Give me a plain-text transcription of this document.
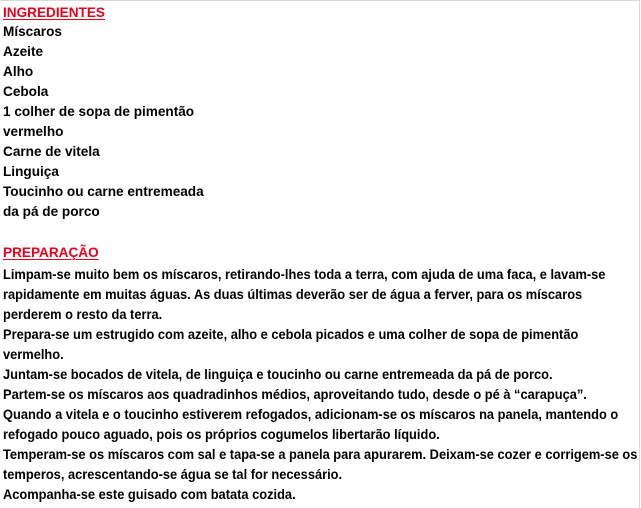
INGREDIENTES
Míscaros
Azeite
Alho
Cebola
1 colher de sopa de pimentão
vermelho
Carne de vitela
Linguiça
Toucinho ou carne entremeada
da pá de porco
PREPARAÇÃO
Limpam-se muito bem os míscaros, retirando-lhes toda a terra, com ajuda de uma faca, e lavam-se
rapidamente em muitas águas. As duas últimas deverão ser de água a ferver, para os míscaros
perderem o resto da terra.
Prepara-se um estrugido com azeite, alho e cebola picados e uma colher de sopa de pimentão
vermelho.
Juntam-se bocados de vitela, de linguiça e toucinho ou carne entremeada da pá de porco.
Partem-se os míscaros aos quadradinhos médios, aproveitando tudo, desde o pé à “carapuça”.
Quando a vitela e o toucinho estiverem refogados, adicionam-se os míscaros na panela, mantendo o
refogado pouco aguado, pois os próprios cogumelos libertarão líquido.
Temperam-se os míscaros com sal e tapa-se a panela para apurarem. Deixam-se cozer e corrigem-se os
temperos, acrescentando-se água se tal for necessário.
Acompanha-se este guisado com batata cozida.
